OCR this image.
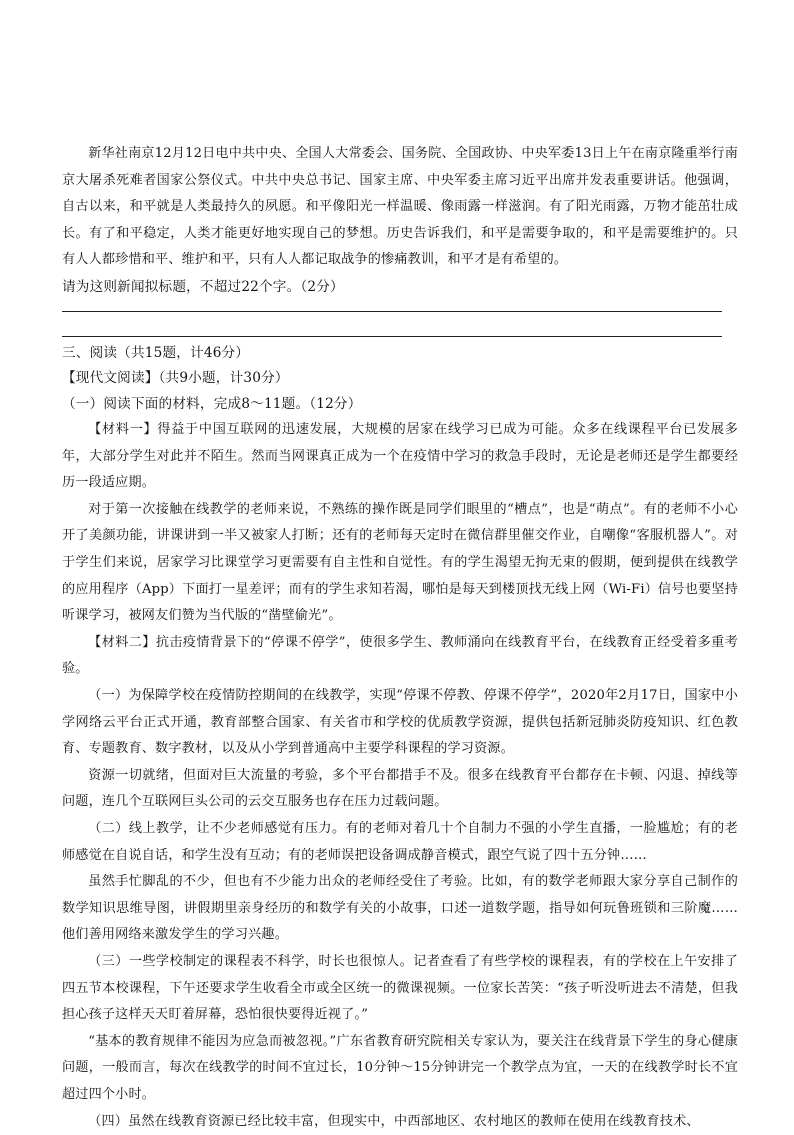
新华社南京12月12日电中共中央、全国人大常委会、国务院、全国政协、中央军委13日上午在南京隆重举行南京大屠杀死难者国家公祭仪式。中共中央总书记、国家主席、中央军委主席习近平出席并发表重要讲话。他强调，自古以来，和平就是人类最持久的夙愿。和平像阳光一样温暖、像雨露一样滋润。有了阳光雨露，万物才能茁壮成长。有了和平稳定，人类才能更好地实现自己的梦想。历史告诉我们，和平是需要争取的，和平是需要维护的。只有人人都珍惜和平、维护和平，只有人人都记取战争的惨痛教训，和平才是有希望的。

请为这则新闻拟标题，不超过22个字。（2分）

三、阅读（共15题，计46分）

【现代文阅读】（共9小题，计30分）

（一）阅读下面的材料，完成8～11题。（12分）

【材料一】得益于中国互联网的迅速发展，大规模的居家在线学习已成为可能。众多在线课程平台已发展多年，大部分学生对此并不陌生。然而当网课真正成为一个在疫情中学习的救急手段时，无论是老师还是学生都要经历一段适应期。

对于第一次接触在线教学的老师来说，不熟练的操作既是同学们眼里的“槽点”，也是“萌点”。有的老师不小心开了美颜功能，讲课讲到一半又被家人打断；还有的老师每天定时在微信群里催交作业，自嘲像“客服机器人”。对于学生们来说，居家学习比课堂学习更需要有自主性和自觉性。有的学生渴望无拘无束的假期，便到提供在线教学的应用程序（App）下面打一星差评；而有的学生求知若渴，哪怕是每天到楼顶找无线上网（Wi-Fi）信号也要坚持听课学习，被网友们赞为当代版的“凿壁偷光”。

【材料二】抗击疫情背景下的“停课不停学”，使很多学生、教师涌向在线教育平台，在线教育正经受着多重考验。

（一）为保障学校在疫情防控期间的在线教学，实现“停课不停教、停课不停学”，2020年2月17日，国家中小学网络云平台正式开通，教育部整合国家、有关省市和学校的优质教学资源，提供包括新冠肺炎防疫知识、红色教育、专题教育、数字教材，以及从小学到普通高中主要学科课程的学习资源。

资源一切就绪，但面对巨大流量的考验，多个平台都措手不及。很多在线教育平台都存在卡顿、闪退、掉线等问题，连几个互联网巨头公司的云交互服务也存在压力过载问题。

（二）线上教学，让不少老师感觉有压力。有的老师对着几十个自制力不强的小学生直播，一脸尴尬；有的老师感觉在自说自话，和学生没有互动；有的老师误把设备调成静音模式，跟空气说了四十五分钟……

虽然手忙脚乱的不少，但也有不少能力出众的老师经受住了考验。比如，有的数学老师跟大家分享自己制作的数学知识思维导图，讲假期里亲身经历的和数学有关的小故事，口述一道数学题，指导如何玩鲁班锁和三阶魔……他们善用网络来激发学生的学习兴趣。

（三）一些学校制定的课程表不科学，时长也很惊人。记者查看了有些学校的课程表，有的学校在上午安排了四五节本校课程，下午还要求学生收看全市或全区统一的微课视频。一位家长苦笑：“孩子听没听进去不清楚，但我担心孩子这样天天盯着屏幕，恐怕很快要得近视了。”

“基本的教育规律不能因为应急而被忽视。”广东省教育研究院相关专家认为，要关注在线背景下学生的身心健康问题，一般而言，每次在线教学的时间不宜过长，10分钟～15分钟讲完一个教学点为宜，一天的在线教学时长不宜超过四个小时。

（四）虽然在线教育资源已经比较丰富，但现实中，中西部地区、农村地区的教师在使用在线教育技术、
